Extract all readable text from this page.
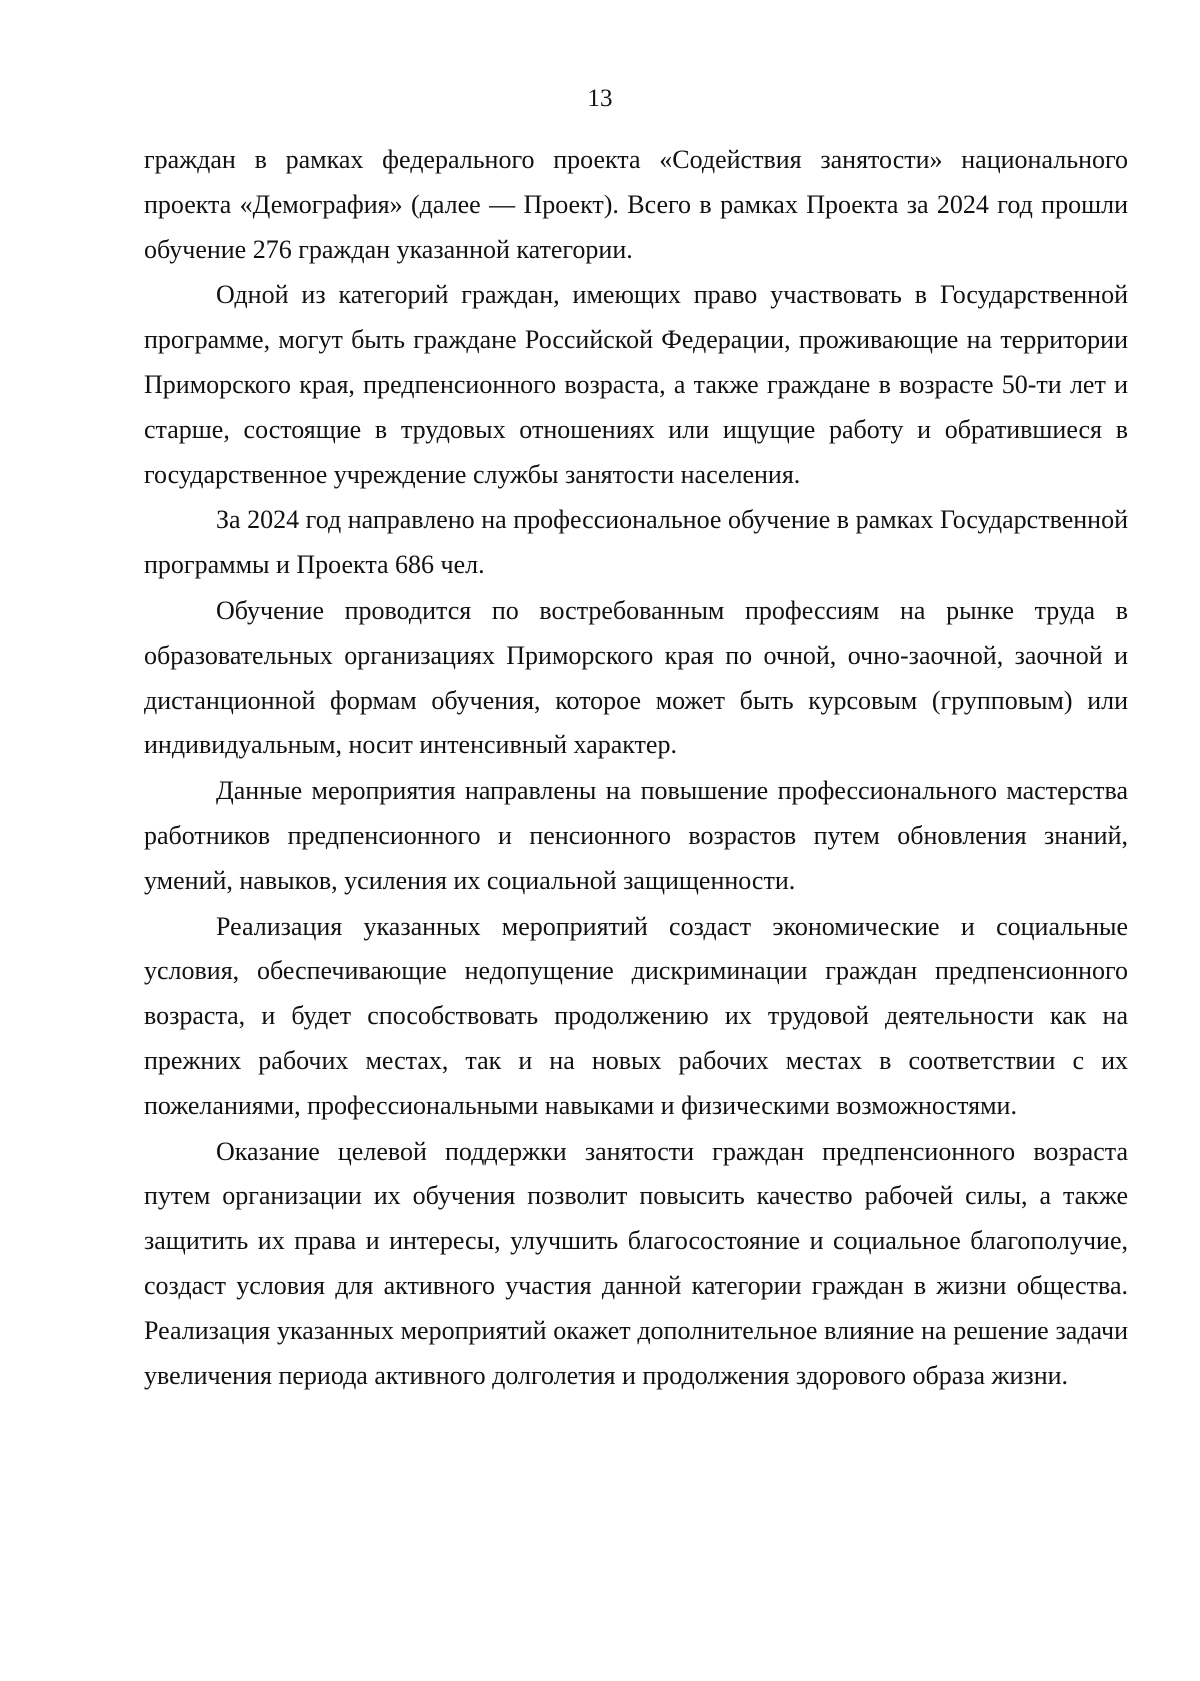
13

граждан в рамках федерального проекта «Содействия занятости» национального проекта «Демография» (далее — Проект). Всего в рамках Проекта за 2024 год прошли обучение 276 граждан указанной категории.

Одной из категорий граждан, имеющих право участвовать в Государственной программе, могут быть граждане Российской Федерации, проживающие на территории Приморского края, предпенсионного возраста, а также граждане в возрасте 50-ти лет и старше, состоящие в трудовых отношениях или ищущие работу и обратившиеся в государственное учреждение службы занятости населения.

За 2024 год направлено на профессиональное обучение в рамках Государственной программы и Проекта 686 чел.

Обучение проводится по востребованным профессиям на рынке труда в образовательных организациях Приморского края по очной, очно-заочной, заочной и дистанционной формам обучения, которое может быть курсовым (групповым) или индивидуальным, носит интенсивный характер.

Данные мероприятия направлены на повышение профессионального мастерства работников предпенсионного и пенсионного возрастов путем обновления знаний, умений, навыков, усиления их социальной защищенности.

Реализация указанных мероприятий создаст экономические и социальные условия, обеспечивающие недопущение дискриминации граждан предпенсионного возраста, и будет способствовать продолжению их трудовой деятельности как на прежних рабочих местах, так и на новых рабочих местах в соответствии с их пожеланиями, профессиональными навыками и физическими возможностями.

Оказание целевой поддержки занятости граждан предпенсионного возраста путем организации их обучения позволит повысить качество рабочей силы, а также защитить их права и интересы, улучшить благосостояние и социальное благополучие, создаст условия для активного участия данной категории граждан в жизни общества. Реализация указанных мероприятий окажет дополнительное влияние на решение задачи увеличения периода активного долголетия и продолжения здорового образа жизни.
